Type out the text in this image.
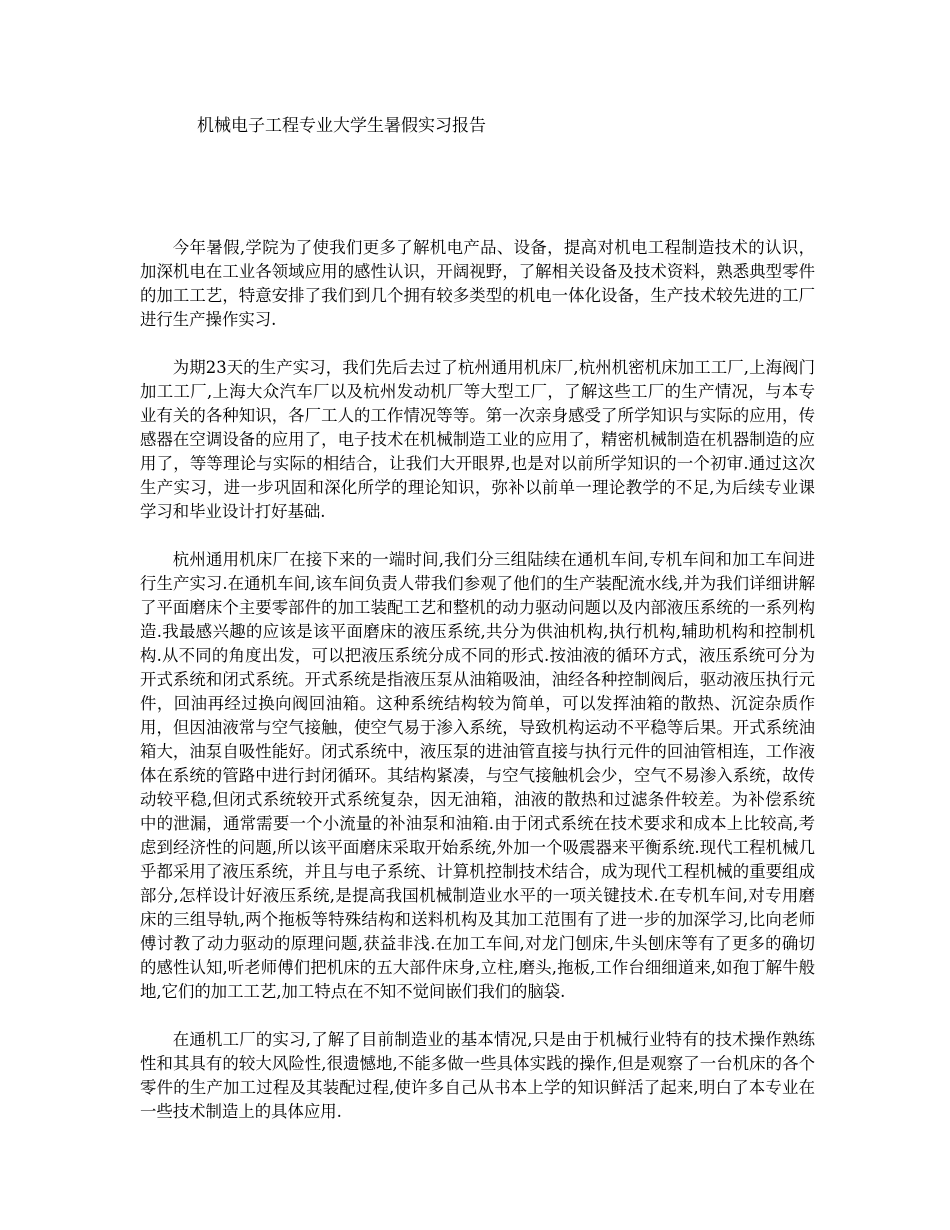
机械电子工程专业大学生暑假实习报告

今年暑假,学院为了使我们更多了解机电产品、设备，提高对机电工程制造技术的认识，加深机电在工业各领域应用的感性认识，开阔视野，了解相关设备及技术资料，熟悉典型零件的加工工艺，特意安排了我们到几个拥有较多类型的机电一体化设备，生产技术较先进的工厂进行生产操作实习.

为期23天的生产实习，我们先后去过了杭州通用机床厂,杭州机密机床加工工厂,上海阀门加工工厂,上海大众汽车厂以及杭州发动机厂等大型工厂，了解这些工厂的生产情况，与本专业有关的各种知识，各厂工人的工作情况等等。第一次亲身感受了所学知识与实际的应用，传感器在空调设备的应用了，电子技术在机械制造工业的应用了，精密机械制造在机器制造的应用了，等等理论与实际的相结合，让我们大开眼界,也是对以前所学知识的一个初审.通过这次生产实习，进一步巩固和深化所学的理论知识，弥补以前单一理论教学的不足,为后续专业课学习和毕业设计打好基础.

杭州通用机床厂在接下来的一端时间,我们分三组陆续在通机车间,专机车间和加工车间进行生产实习.在通机车间,该车间负责人带我们参观了他们的生产装配流水线,并为我们详细讲解了平面磨床个主要零部件的加工装配工艺和整机的动力驱动问题以及内部液压系统的一系列构造.我最感兴趣的应该是该平面磨床的液压系统,共分为供油机构,执行机构,辅助机构和控制机构.从不同的角度出发，可以把液压系统分成不同的形式.按油液的循环方式，液压系统可分为开式系统和闭式系统。开式系统是指液压泵从油箱吸油，油经各种控制阀后，驱动液压执行元件，回油再经过换向阀回油箱。这种系统结构较为简单，可以发挥油箱的散热、沉淀杂质作用，但因油液常与空气接触，使空气易于渗入系统，导致机构运动不平稳等后果。开式系统油箱大，油泵自吸性能好。闭式系统中，液压泵的进油管直接与执行元件的回油管相连，工作液体在系统的管路中进行封闭循环。其结构紧凑，与空气接触机会少，空气不易渗入系统，故传动较平稳,但闭式系统较开式系统复杂，因无油箱，油液的散热和过滤条件较差。为补偿系统中的泄漏，通常需要一个小流量的补油泵和油箱.由于闭式系统在技术要求和成本上比较高,考虑到经济性的问题,所以该平面磨床采取开始系统,外加一个吸震器来平衡系统.现代工程机械几乎都采用了液压系统，并且与电子系统、计算机控制技术结合，成为现代工程机械的重要组成部分,怎样设计好液压系统,是提高我国机械制造业水平的一项关键技术.在专机车间,对专用磨床的三组导轨,两个拖板等特殊结构和送料机构及其加工范围有了进一步的加深学习,比向老师傅讨教了动力驱动的原理问题,获益非浅.在加工车间,对龙门刨床,牛头刨床等有了更多的确切的感性认知,听老师傅们把机床的五大部件床身,立柱,磨头,拖板,工作台细细道来,如孢丁解牛般地,它们的加工工艺,加工特点在不知不觉间嵌们我们的脑袋.

在通机工厂的实习,了解了目前制造业的基本情况,只是由于机械行业特有的技术操作熟练性和其具有的较大风险性,很遗憾地,不能多做一些具体实践的操作,但是观察了一台机床的各个零件的生产加工过程及其装配过程,使许多自己从书本上学的知识鲜活了起来,明白了本专业在一些技术制造上的具体应用.
